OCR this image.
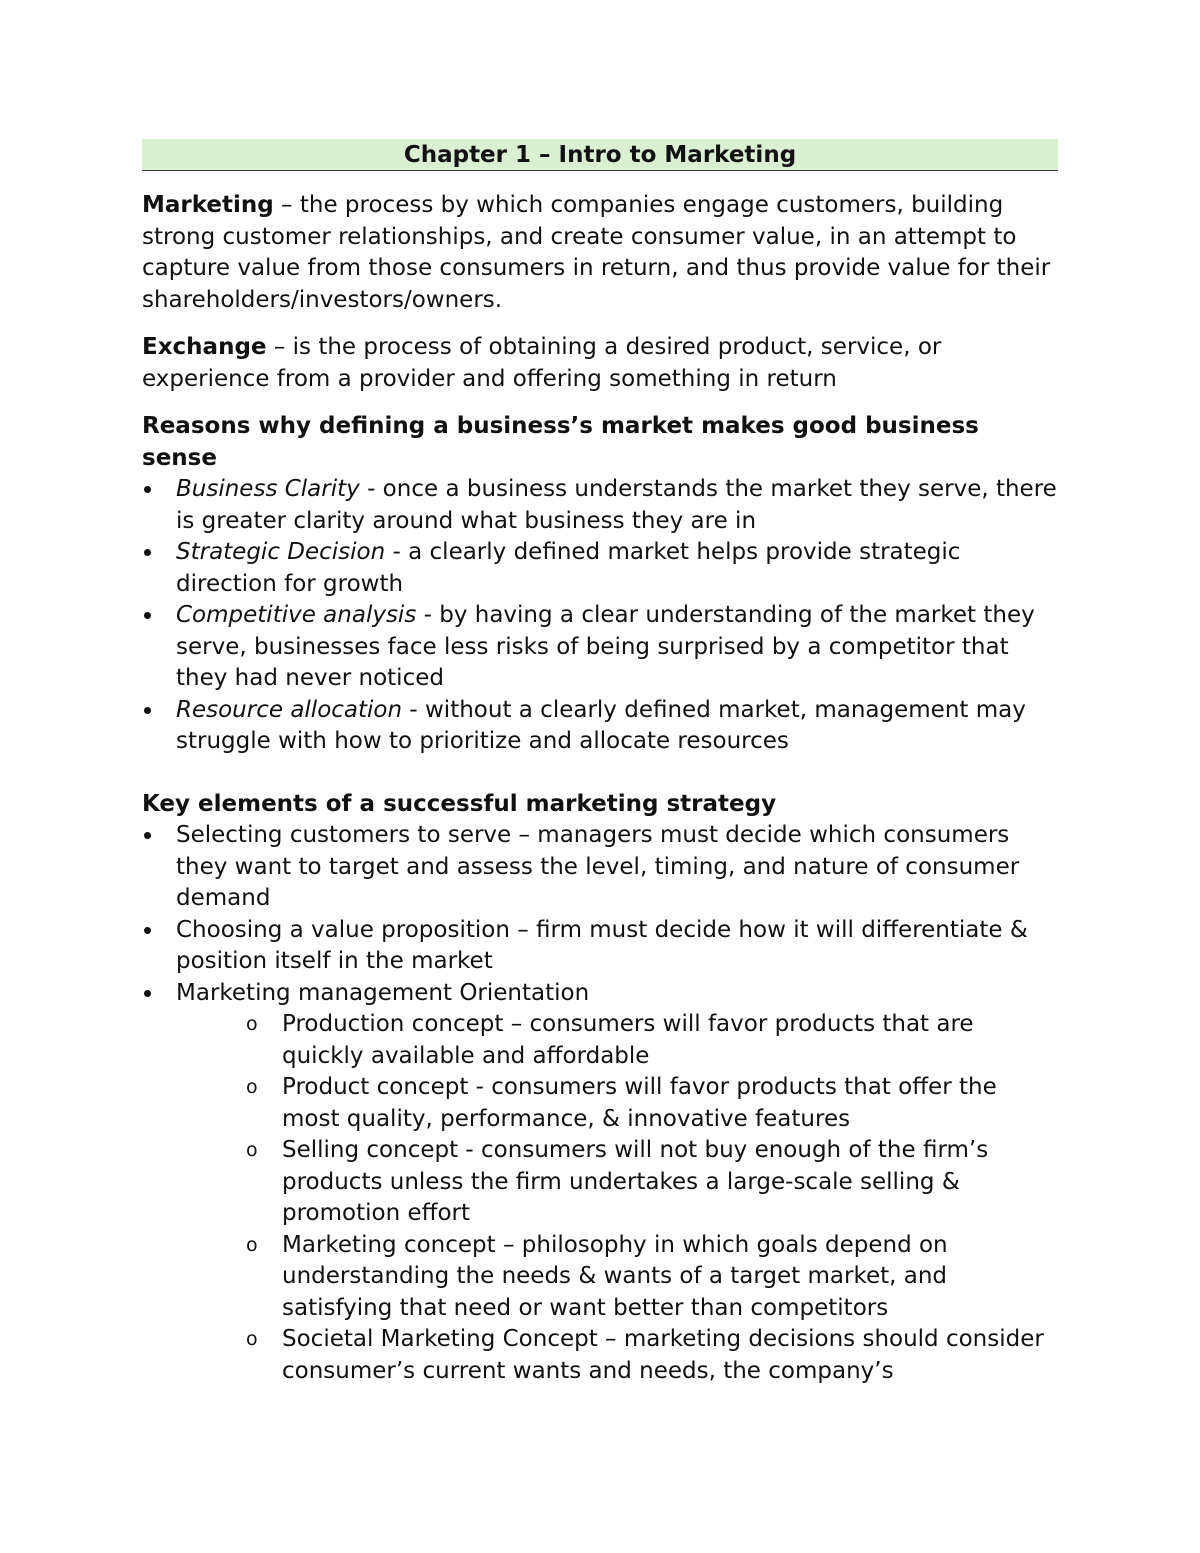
Chapter 1 – Intro to Marketing

Marketing – the process by which companies engage customers, building strong customer relationships, and create consumer value, in an attempt to capture value from those consumers in return, and thus provide value for their shareholders/investors/owners.

Exchange – is the process of obtaining a desired product, service, or experience from a provider and offering something in return

Reasons why defining a business’s market makes good business sense
Business Clarity - once a business understands the market they serve, there is greater clarity around what business they are in
Strategic Decision - a clearly defined market helps provide strategic direction for growth
Competitive analysis - by having a clear understanding of the market they serve, businesses face less risks of being surprised by a competitor that they had never noticed
Resource allocation - without a clearly defined market, management may struggle with how to prioritize and allocate resources
Key elements of a successful marketing strategy
Selecting customers to serve – managers must decide which consumers they want to target and assess the level, timing, and nature of consumer demand
Choosing a value proposition – firm must decide how it will differentiate & position itself in the market
Marketing management Orientation
o Production concept – consumers will favor products that are quickly available and affordable
o Product concept - consumers will favor products that offer the most quality, performance, & innovative features
o Selling concept - consumers will not buy enough of the firm’s products unless the firm undertakes a large-scale selling & promotion effort
o Marketing concept – philosophy in which goals depend on understanding the needs & wants of a target market, and satisfying that need or want better than competitors
o Societal Marketing Concept – marketing decisions should consider consumer’s current wants and needs, the company’s
